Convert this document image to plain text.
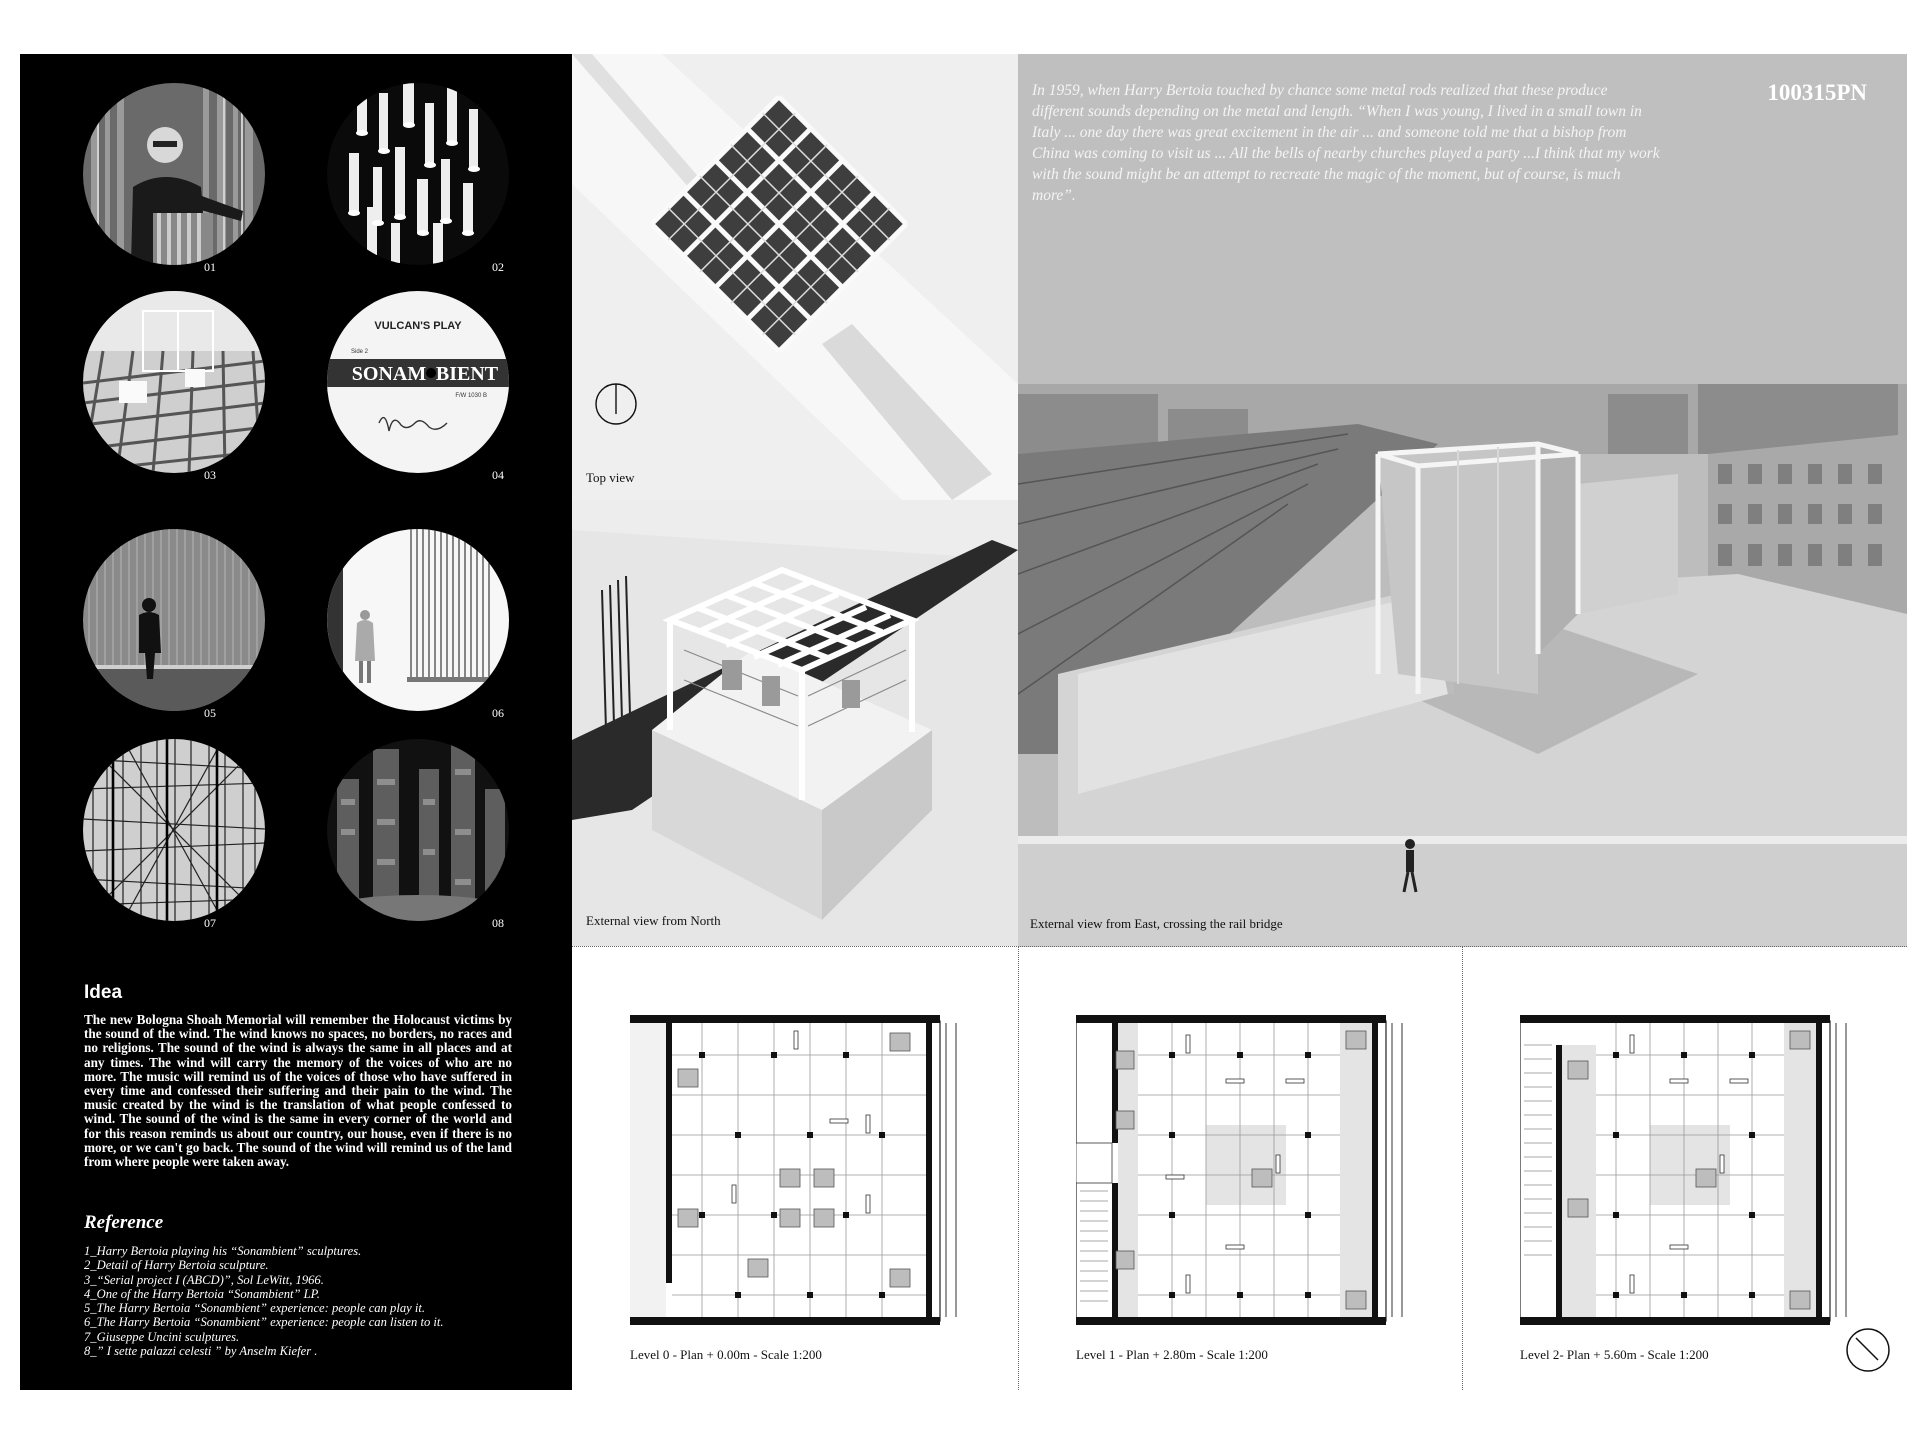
01	02
03
VULCAN'S PLAY
Side 2
SONAM BIENT
F/W 1030 B
04
05	06
07	08
Idea
The new Bologna Shoah Memorial will remember the Holocaust victims by the sound of the wind. The wind knows no spaces, no borders, no races and no religions. The sound of the wind is always the same in all places and at any times. The wind will carry the memory of the voices of who are no more. The music will remind us of the voices of those who have suffered in every time and confessed their suffering and their pain to the wind. The music created by the wind is the translation of what people confessed to wind. The sound of the wind is the same in every corner of the world and for this reason reminds us about our country, our house, even if there is no more, or we can't go back. The sound of the wind will remind us of the land from where people were taken away.
Reference
1_Harry Bertoia playing his “Sonambient” sculptures.
2_Detail of Harry Bertoia sculpture.
3_“Serial project I (ABCD)”, Sol LeWitt, 1966.
4_One of the Harry Bertoia “Sonambient” LP.
5_The Harry Bertoia “Sonambient” experience: people can play it.
6_The Harry Bertoia “Sonambient” experience: people can listen to it.
7_Giuseppe Uncini sculptures.
8_” I sette palazzi celesti ” by Anselm Kiefer .
Top view
External view from North
In 1959, when Harry Bertoia touched by chance some metal rods realized that these produce different sounds depending on the metal and length. “When I was young, I lived in a small town in Italy ... one day there was great excitement in the air ... and someone told me that a bishop from China was coming to visit us ... All the bells of nearby churches played a party ...I think that my work with the sound might be an attempt to recreate the magic of the moment, but of course, is much more”.
100315PN
External view from East, crossing the rail bridge
Level 0 - Plan + 0.00m - Scale 1:200	Level 1 - Plan + 2.80m - Scale 1:200	Level 2- Plan + 5.60m - Scale 1:200
